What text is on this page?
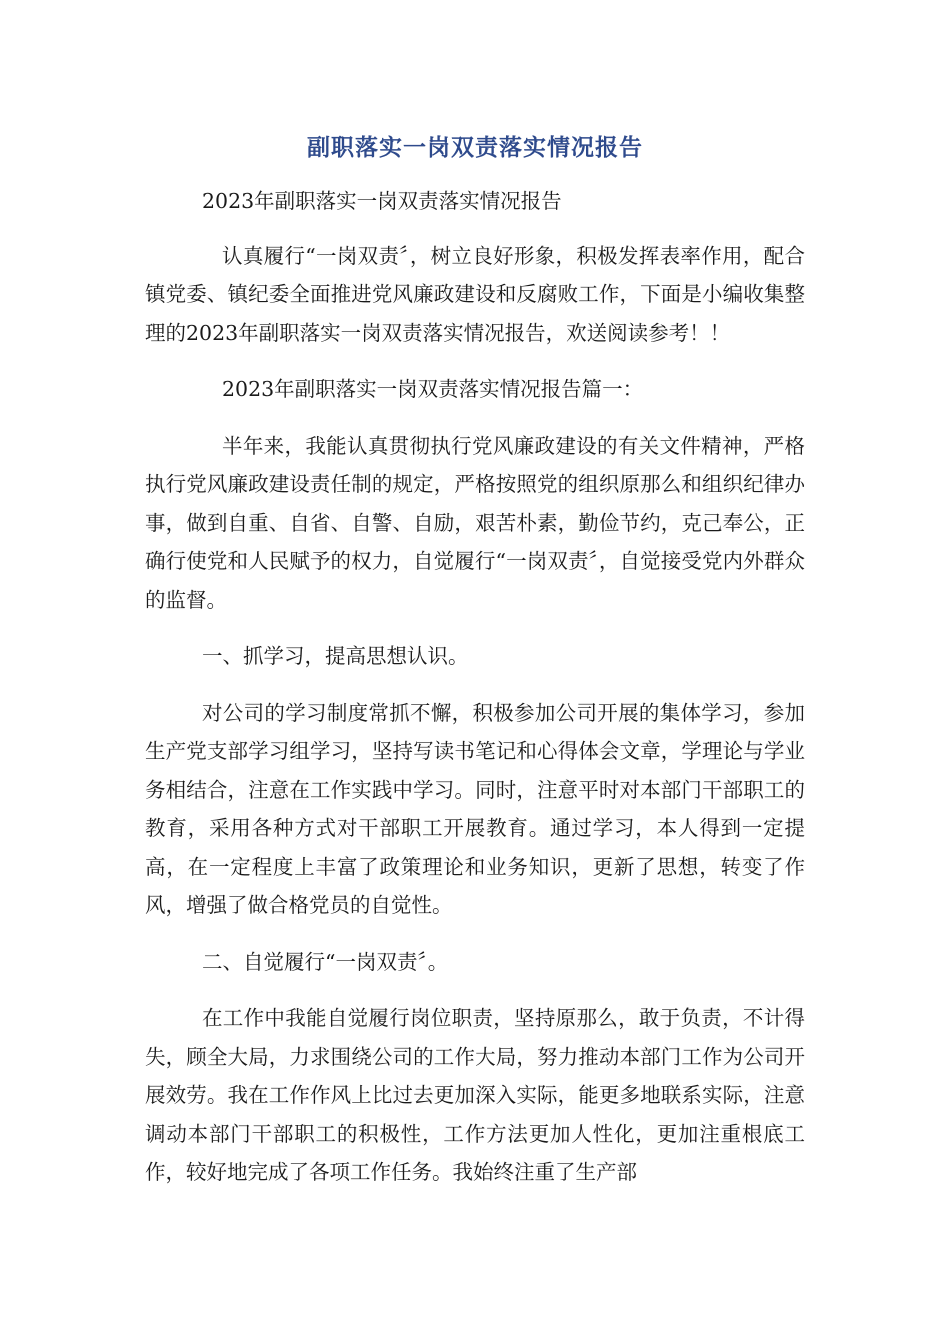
副职落实一岗双责落实情况报告

2023年副职落实一岗双责落实情况报告

认真履行“一岗双责〞，树立良好形象，积极发挥表率作用，配合镇党委、镇纪委全面推进党风廉政建设和反腐败工作，下面是小编收集整理的2023年副职落实一岗双责落实情况报告，欢送阅读参考！！

2023年副职落实一岗双责落实情况报告篇一：

半年来，我能认真贯彻执行党风廉政建设的有关文件精神，严格执行党风廉政建设责任制的规定，严格按照党的组织原那么和组织纪律办事，做到自重、自省、自警、自励，艰苦朴素，勤俭节约，克己奉公，正确行使党和人民赋予的权力，自觉履行“一岗双责〞，自觉接受党内外群众的监督。

一、抓学习，提高思想认识。

对公司的学习制度常抓不懈，积极参加公司开展的集体学习，参加生产党支部学习组学习，坚持写读书笔记和心得体会文章，学理论与学业务相结合，注意在工作实践中学习。同时，注意平时对本部门干部职工的教育，采用各种方式对干部职工开展教育。通过学习，本人得到一定提高，在一定程度上丰富了政策理论和业务知识，更新了思想，转变了作风，增强了做合格党员的自觉性。

二、自觉履行“一岗双责〞。

在工作中我能自觉履行岗位职责，坚持原那么，敢于负责，不计得失，顾全大局，力求围绕公司的工作大局，努力推动本部门工作为公司开展效劳。我在工作作风上比过去更加深入实际，能更多地联系实际，注意调动本部门干部职工的积极性，工作方法更加人性化，更加注重根底工作，较好地完成了各项工作任务。我始终注重了生产部
